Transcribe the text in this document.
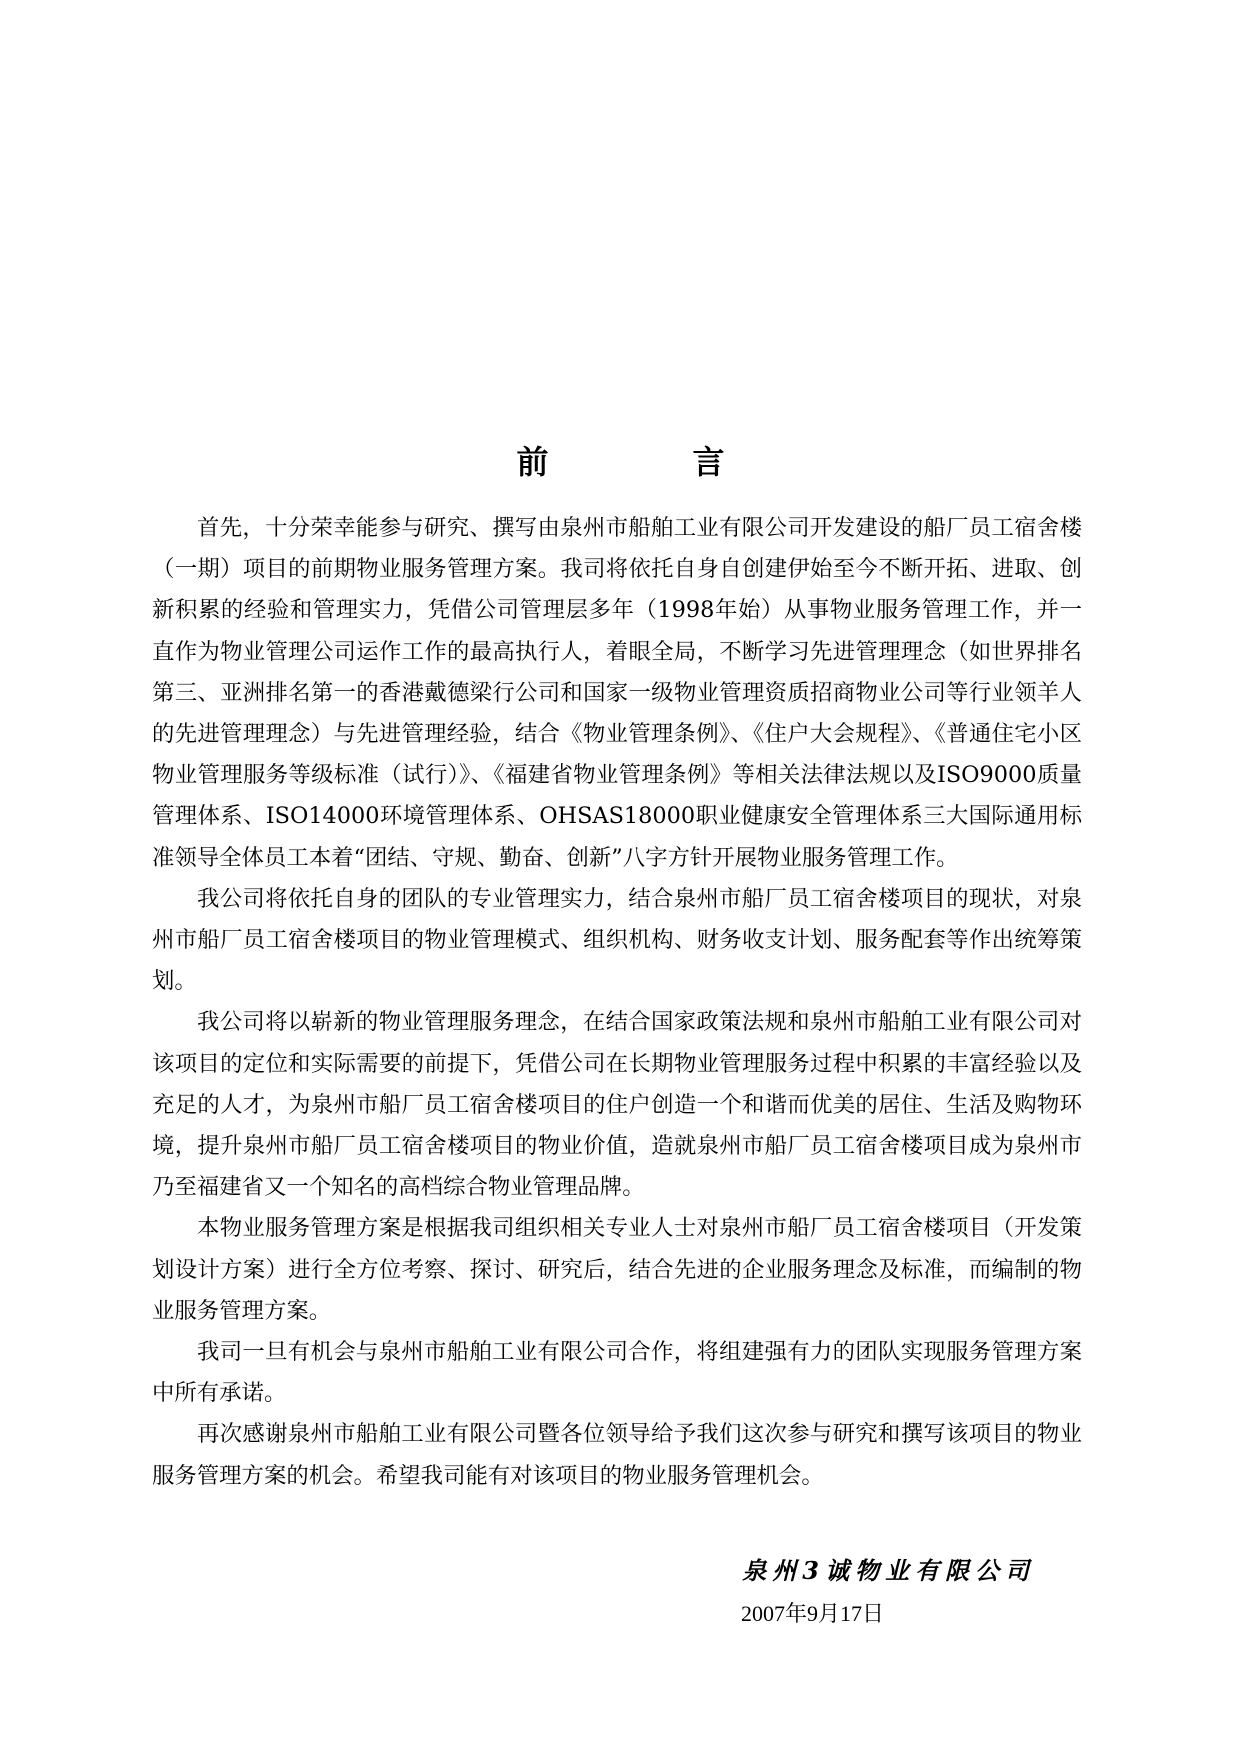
前　言

首先，十分荣幸能参与研究、撰写由泉州市船舶工业有限公司开发建设的船厂员工宿舍楼（一期）项目的前期物业服务管理方案。我司将依托自身自创建伊始至今不断开拓、进取、创新积累的经验和管理实力，凭借公司管理层多年（1998年始）从事物业服务管理工作，并一直作为物业管理公司运作工作的最高执行人，着眼全局，不断学习先进管理理念（如世界排名第三、亚洲排名第一的香港戴德梁行公司和国家一级物业管理资质招商物业公司等行业领羊人的先进管理理念）与先进管理经验，结合《物业管理条例》、《住户大会规程》、《普通住宅小区物业管理服务等级标准（试行）》、《福建省物业管理条例》等相关法律法规以及ISO9000质量管理体系、ISO14000环境管理体系、OHSAS18000职业健康安全管理体系三大国际通用标准领导全体员工本着“团结、守规、勤奋、创新”八字方针开展物业服务管理工作。

我公司将依托自身的团队的专业管理实力，结合泉州市船厂员工宿舍楼项目的现状，对泉州市船厂员工宿舍楼项目的物业管理模式、组织机构、财务收支计划、服务配套等作出统筹策划。

我公司将以崭新的物业管理服务理念，在结合国家政策法规和泉州市船舶工业有限公司对该项目的定位和实际需要的前提下，凭借公司在长期物业管理服务过程中积累的丰富经验以及充足的人才，为泉州市船厂员工宿舍楼项目的住户创造一个和谐而优美的居住、生活及购物环境，提升泉州市船厂员工宿舍楼项目的物业价值，造就泉州市船厂员工宿舍楼项目成为泉州市乃至福建省又一个知名的高档综合物业管理品牌。

本物业服务管理方案是根据我司组织相关专业人士对泉州市船厂员工宿舍楼项目（开发策划设计方案）进行全方位考察、探讨、研究后，结合先进的企业服务理念及标准，而编制的物业服务管理方案。

我司一旦有机会与泉州市船舶工业有限公司合作，将组建强有力的团队实现服务管理方案中所有承诺。

再次感谢泉州市船舶工业有限公司暨各位领导给予我们这次参与研究和撰写该项目的物业服务管理方案的机会。希望我司能有对该项目的物业服务管理机会。

泉州3诚物业有限公司
2007年9月17日
